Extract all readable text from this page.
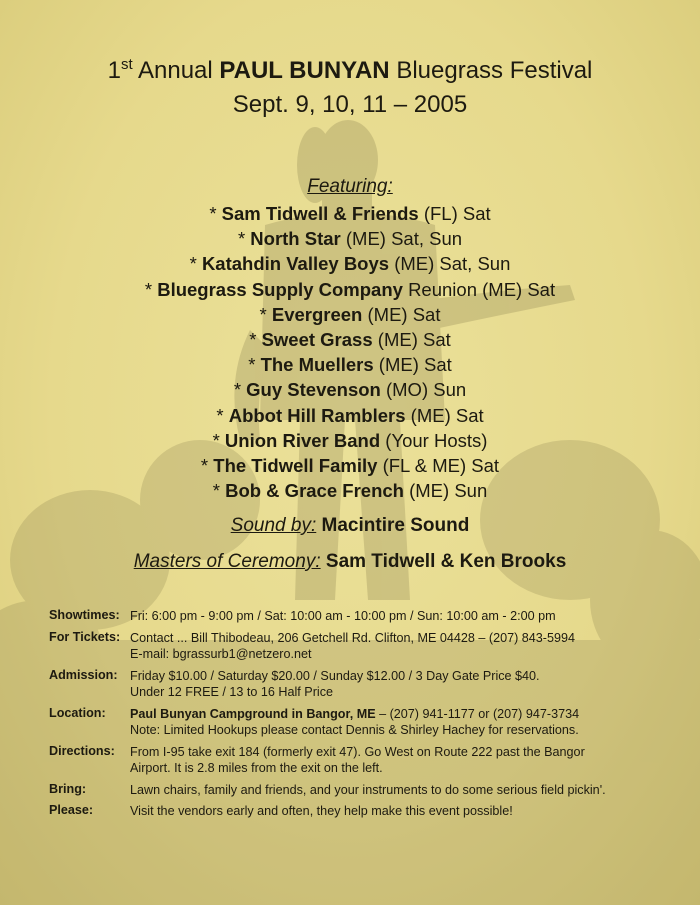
1st Annual PAUL BUNYAN Bluegrass Festival
Sept. 9, 10, 11 – 2005
Featuring:
* Sam Tidwell & Friends (FL) Sat
* North Star (ME) Sat, Sun
* Katahdin Valley Boys (ME) Sat, Sun
* Bluegrass Supply Company Reunion (ME) Sat
* Evergreen (ME) Sat
* Sweet Grass (ME) Sat
* The Muellers (ME) Sat
* Guy Stevenson (MO) Sun
* Abbot Hill Ramblers (ME) Sat
* Union River Band (Your Hosts)
* The Tidwell Family (FL & ME) Sat
* Bob & Grace French (ME) Sun
Sound by: Macintire Sound
Masters of Ceremony: Sam Tidwell & Ken Brooks
Showtimes: Fri: 6:00 pm - 9:00 pm / Sat: 10:00 am - 10:00 pm / Sun: 10:00 am - 2:00 pm
For Tickets: Contact ... Bill Thibodeau, 206 Getchell Rd. Clifton, ME 04428 – (207) 843-5994
E-mail: bgrassurb1@netzero.net
Admission: Friday $10.00 / Saturday $20.00 / Sunday $12.00 / 3 Day Gate Price $40.
Under 12 FREE / 13 to 16 Half Price
Location:	Paul Bunyan Campground in Bangor, ME – (207) 941-1177 or (207) 947-3734
Note: Limited Hookups please contact Dennis & Shirley Hachey for reservations.
Directions:	From I-95 take exit 184 (formerly exit 47). Go West on Route 222 past the Bangor
Airport. It is 2.8 miles from the exit on the left.
Bring:	Lawn chairs, family and friends, and your instruments to do some serious field pickin'.
Please:	Visit the vendors early and often, they help make this event possible!
